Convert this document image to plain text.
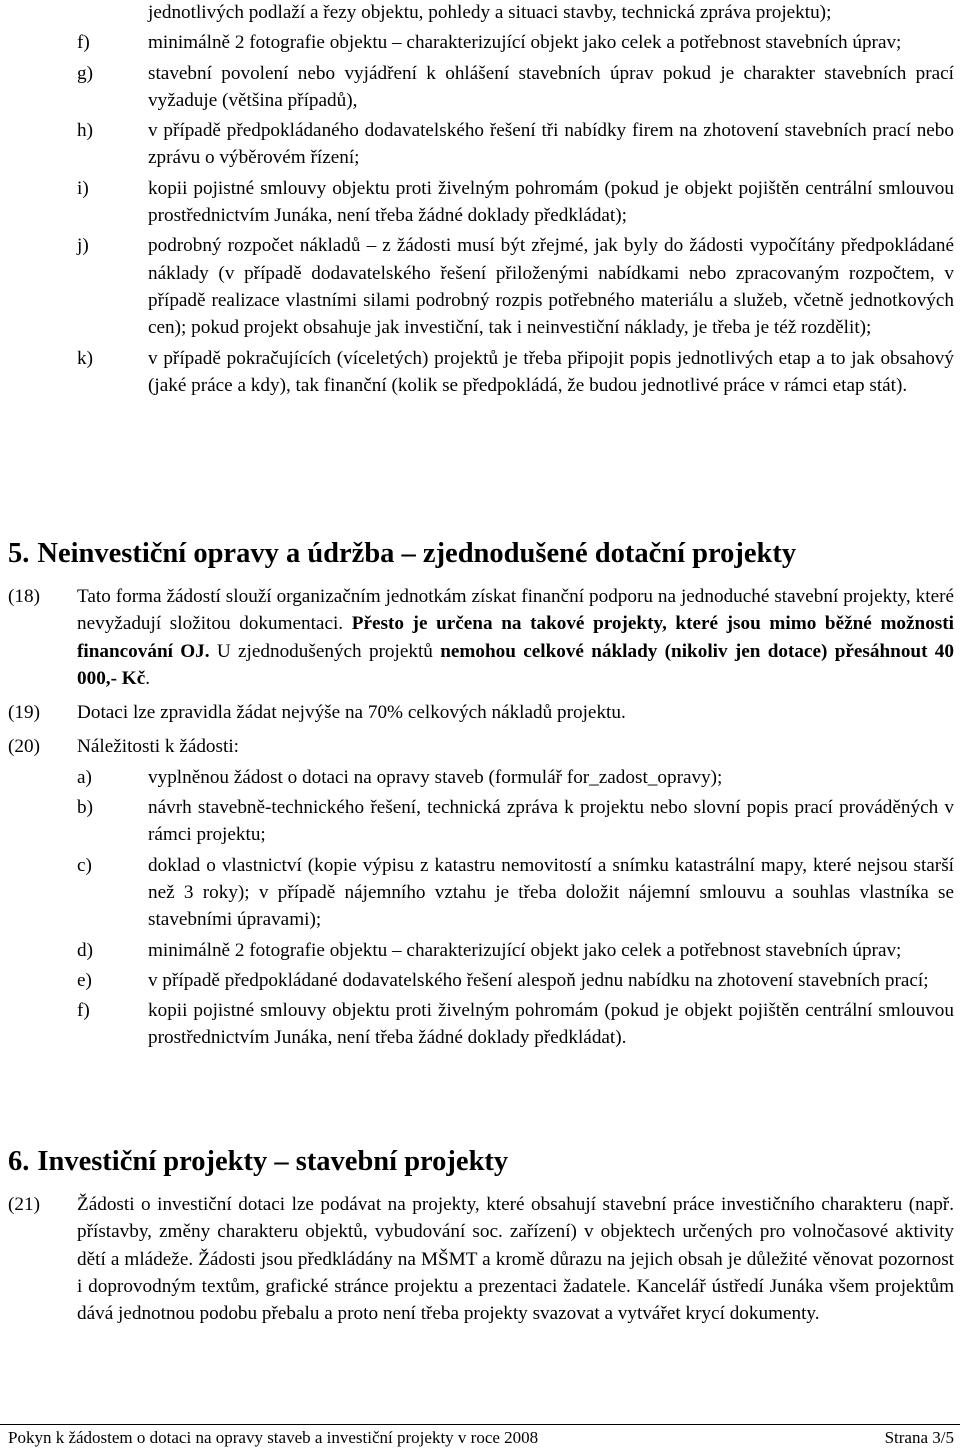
jednotlivých podlaží a řezy objektu, pohledy a situaci stavby, technická zpráva projektu);
f)	minimálně 2 fotografie objektu – charakterizující objekt jako celek a potřebnost stavebních úprav;
g)	stavební povolení nebo vyjádření k ohlášení stavebních úprav pokud je charakter stavebních prací vyžaduje (většina případů),
h)	v případě předpokládaného dodavatelského řešení tři nabídky firem na zhotovení stavebních prací nebo zprávu o výběrovém řízení;
i)	kopii pojistné smlouvy objektu proti živelným pohromám (pokud je objekt pojištěn centrální smlouvou prostřednictvím Junáka, není třeba žádné doklady předkládat);
j)	podrobný rozpočet nákladů – z žádosti musí být zřejmé, jak byly do žádosti vypočítány předpokládané náklady (v případě dodavatelského řešení přiloženými nabídkami nebo zpracovaným rozpočtem, v případě realizace vlastními silami podrobný rozpis potřebného materiálu a služeb, včetně jednotkových cen); pokud projekt obsahuje jak investiční, tak i neinvestiční náklady, je třeba je též rozdělit);
k)	v případě pokračujících (víceletých) projektů je třeba připojit popis jednotlivých etap a to jak obsahový (jaké práce a kdy), tak finanční (kolik se předpokládá, že budou jednotlivé práce v rámci etap stát).
5. Neinvestiční opravy a údržba – zjednodušené dotační projekty
(18) Tato forma žádostí slouží organizačním jednotkám získat finanční podporu na jednoduché stavební projekty, které nevyžadují složitou dokumentaci. Přesto je určena na takové projekty, které jsou mimo běžné možnosti financování OJ. U zjednodušených projektů nemohou celkové náklady (nikoliv jen dotace) přesáhnout 40 000,- Kč.
(19) Dotaci lze zpravidla žádat nejvýše na 70% celkových nákladů projektu.
(20) Náležitosti k žádosti:
a)	vyplněnou žádost o dotaci na opravy staveb (formulář for_zadost_opravy);
b)	návrh stavebně-technického řešení, technická zpráva k projektu nebo slovní popis prací prováděných v rámci projektu;
c)	doklad o vlastnictví (kopie výpisu z katastru nemovitostí a snímku katastrální mapy, které nejsou starší než 3 roky); v případě nájemního vztahu je třeba doložit nájemní smlouvu a souhlas vlastníka se stavebními úpravami);
d)	minimálně 2 fotografie objektu – charakterizující objekt jako celek a potřebnost stavebních úprav;
e)	v případě předpokládané dodavatelského řešení alespoň jednu nabídku na zhotovení stavebních prací;
f)	kopii pojistné smlouvy objektu proti živelným pohromám (pokud je objekt pojištěn centrální smlouvou prostřednictvím Junáka, není třeba žádné doklady předkládat).
6. Investiční projekty – stavební projekty
(21) Žádosti o investiční dotaci lze podávat na projekty, které obsahují stavební práce investičního charakteru (např. přístavby, změny charakteru objektů, vybudování soc. zařízení) v objektech určených pro volnočasové aktivity dětí a mládeže. Žádosti jsou předkládány na MŠMT a kromě důrazu na jejich obsah je důležité věnovat pozornost i doprovodným textům, grafické stránce projektu a prezentaci žadatele. Kancelář ústředí Junáka všem projektům dává jednotnou podobu přebalu a proto není třeba projekty svazovat a vytvářet krycí dokumenty.
Pokyn k žádostem o dotaci na opravy staveb a investiční projekty v roce 2008	Strana 3/5
